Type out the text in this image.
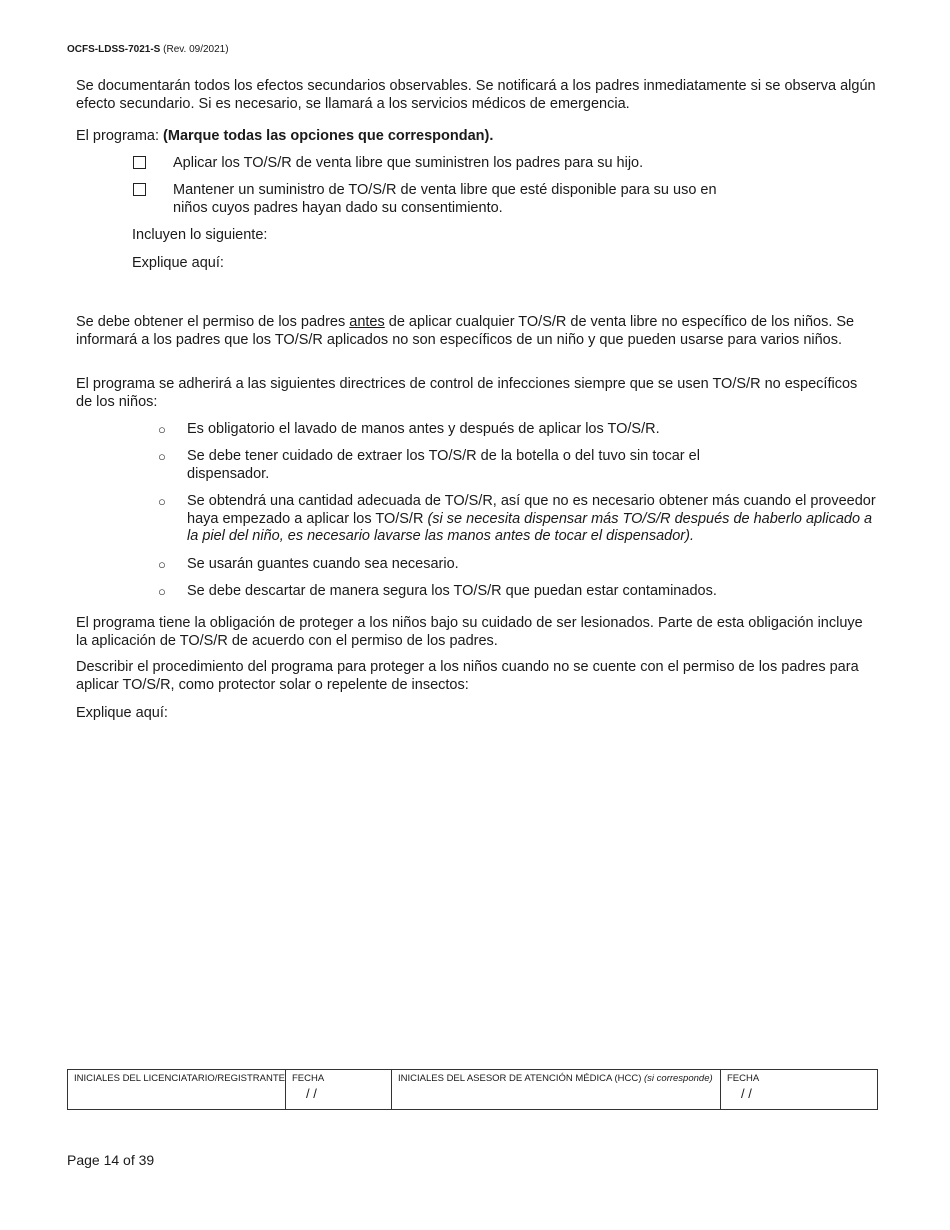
OCFS-LDSS-7021-S (Rev. 09/2021)

Se documentarán todos los efectos secundarios observables. Se notificará a los padres inmediatamente si se observa algún efecto secundario. Si es necesario, se llamará a los servicios médicos de emergencia.

El programa: (Marque todas las opciones que correspondan).

Aplicar los TO/S/R de venta libre que suministren los padres para su hijo.
Mantener un suministro de TO/S/R de venta libre que esté disponible para su uso en niños cuyos padres hayan dado su consentimiento.

Incluyen lo siguiente:

Explique aquí:

Se debe obtener el permiso de los padres antes de aplicar cualquier TO/S/R de venta libre no específico de los niños. Se informará a los padres que los TO/S/R aplicados no son específicos de un niño y que pueden usarse para varios niños.

El programa se adherirá a las siguientes directrices de control de infecciones siempre que se usen TO/S/R no específicos de los niños:

○ Es obligatorio el lavado de manos antes y después de aplicar los TO/S/R.
○ Se debe tener cuidado de extraer los TO/S/R de la botella o del tuvo sin tocar el dispensador.
○ Se obtendrá una cantidad adecuada de TO/S/R, así que no es necesario obtener más cuando el proveedor haya empezado a aplicar los TO/S/R (si se necesita dispensar más TO/S/R después de haberlo aplicado a la piel del niño, es necesario lavarse las manos antes de tocar el dispensador).
○ Se usarán guantes cuando sea necesario.
○ Se debe descartar de manera segura los TO/S/R que puedan estar contaminados.

El programa tiene la obligación de proteger a los niños bajo su cuidado de ser lesionados. Parte de esta obligación incluye la aplicación de TO/S/R de acuerdo con el permiso de los padres.

Describir el procedimiento del programa para proteger a los niños cuando no se cuente con el permiso de los padres para aplicar TO/S/R, como protector solar o repelente de insectos:

Explique aquí:

INICIALES DEL LICENCIATARIO/REGISTRANTE FECHA
/ /
INICIALES DEL ASESOR DE ATENCIÓN MÉDICA (HCC) (si corresponde)	FECHA
/ /
Page 14 of 39
